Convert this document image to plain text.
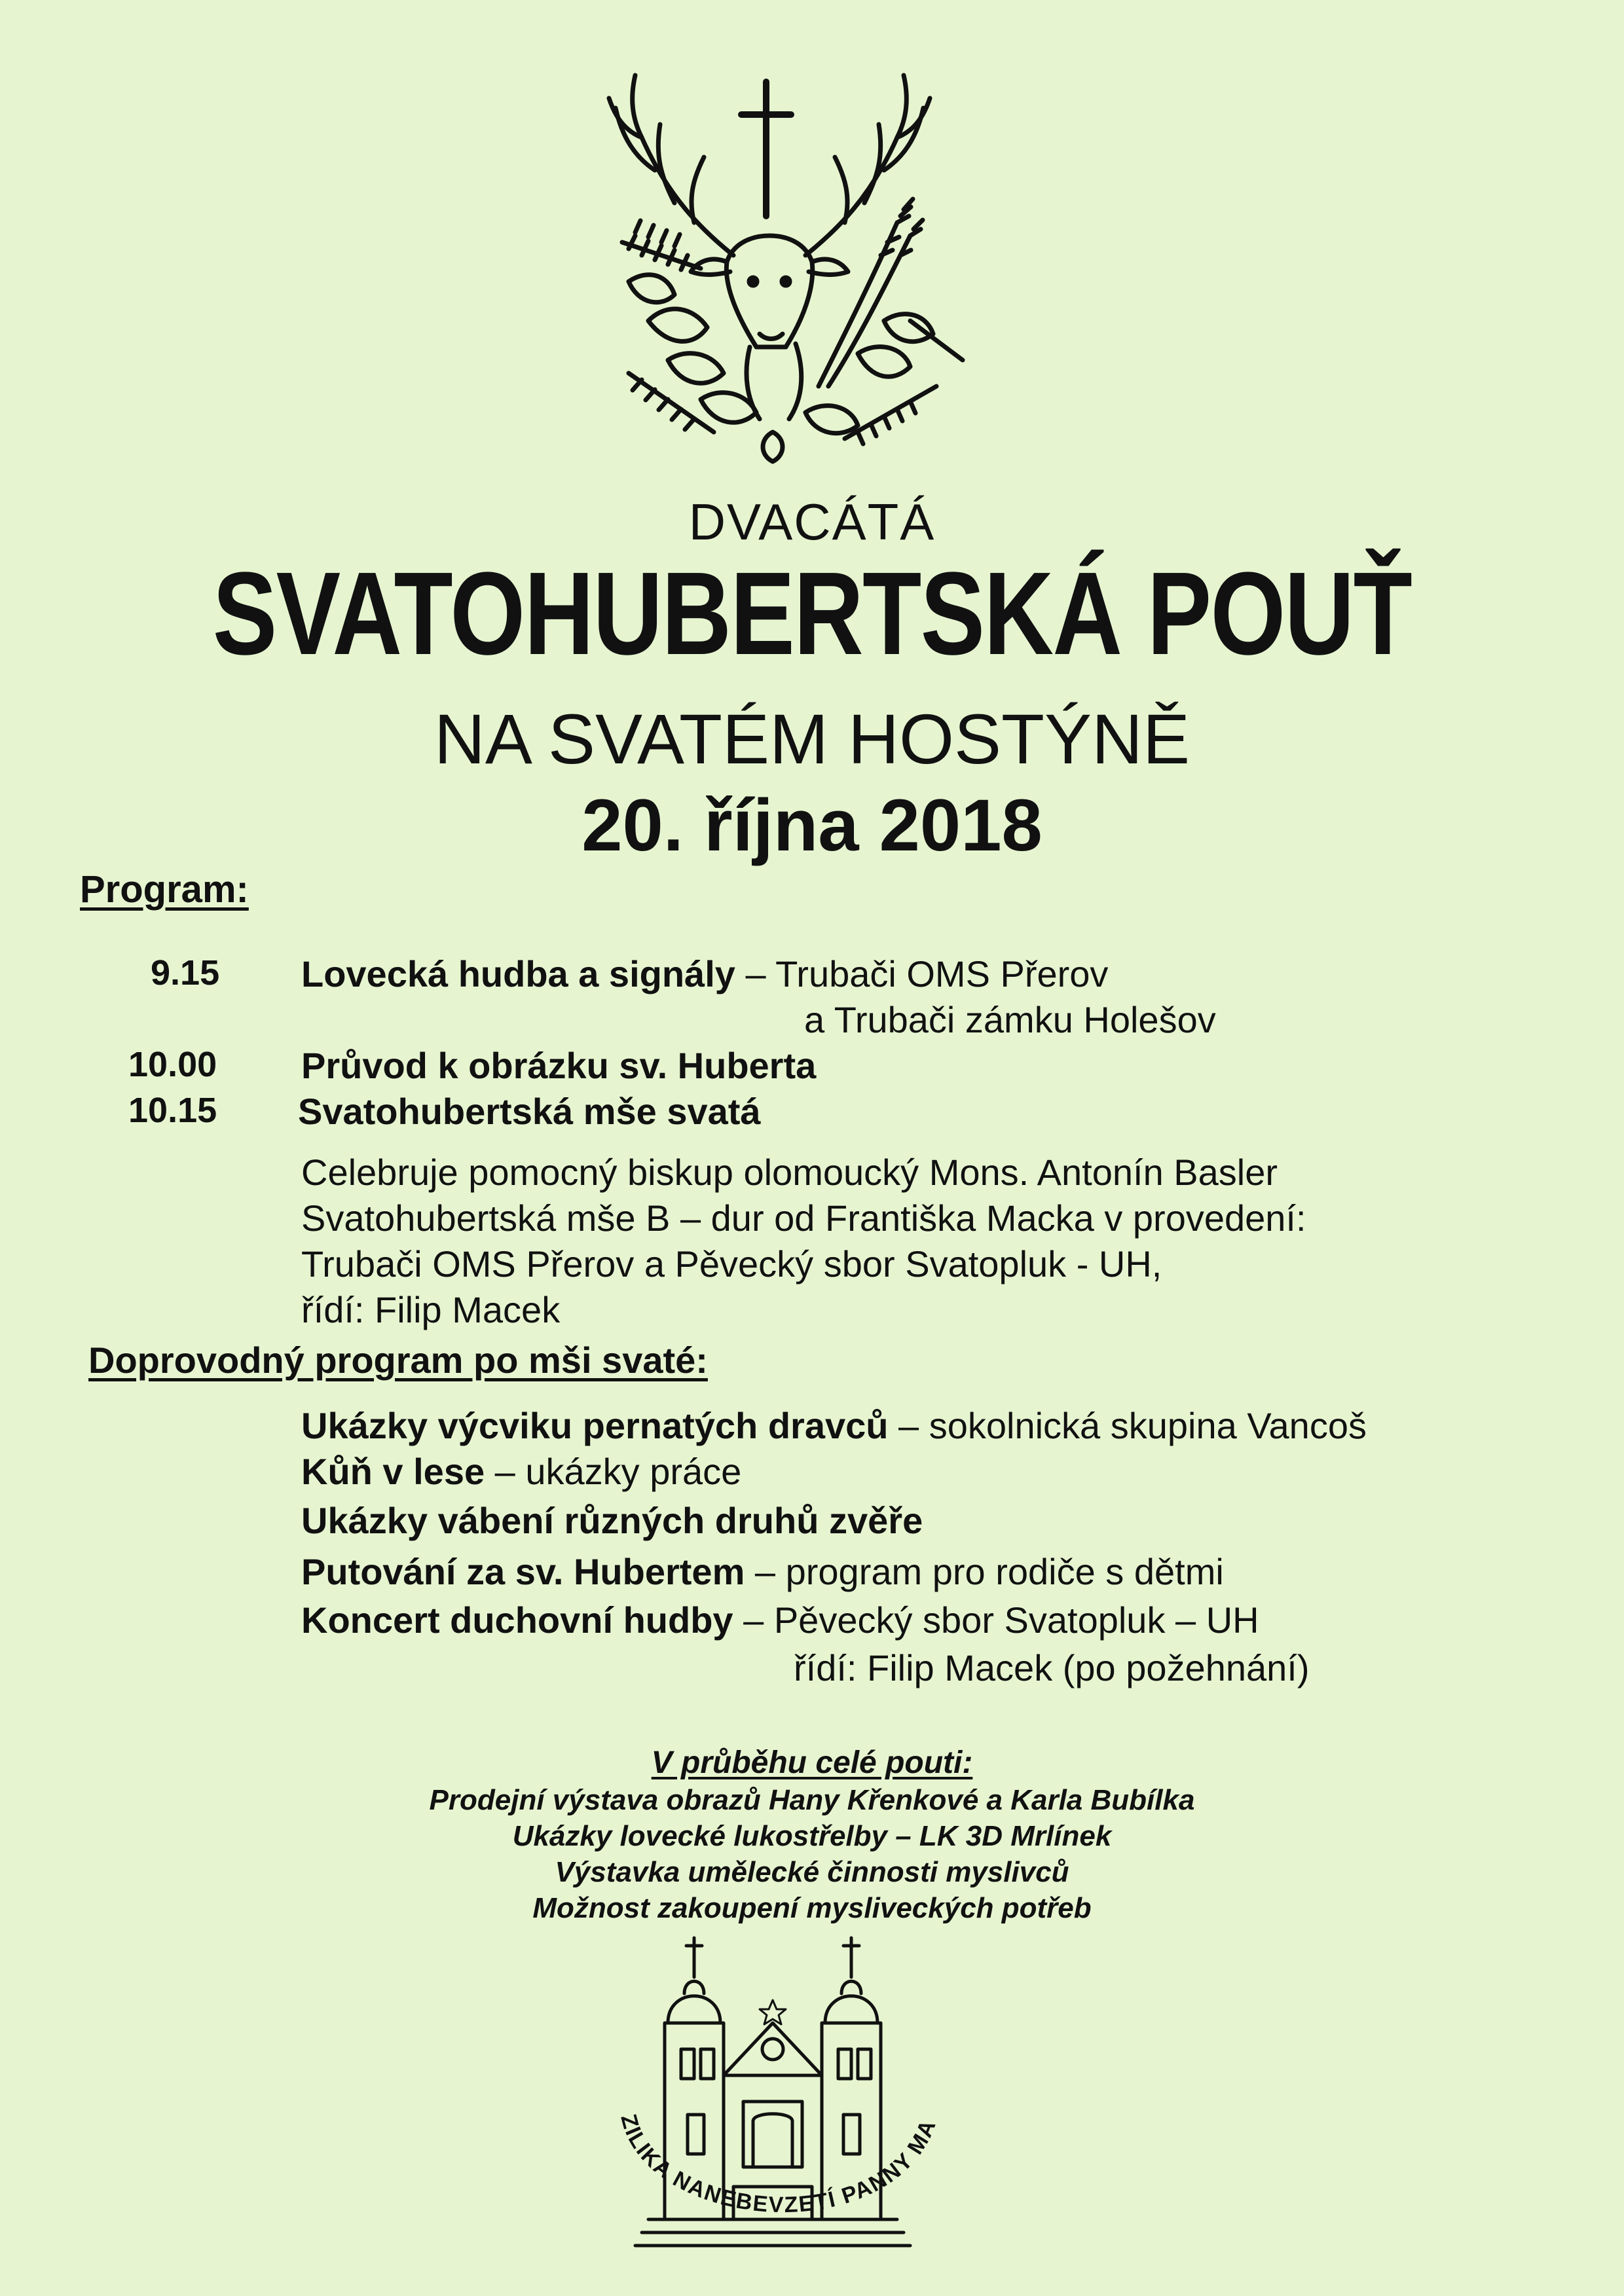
DVACÁTÁ
SVATOHUBERTSKÁ POUŤ
NA SVATÉM HOSTÝNĚ
20. října 2018
Program:
9.15 Lovecká hudba a signály – Trubači OMS Přerov
a Trubači zámku Holešov
10.00 Průvod k obrázku sv. Huberta
10.15 Svatohubertská mše svatá
Celebruje pomocný biskup olomoucký Mons. Antonín Basler
Svatohubertská mše B – dur od Františka Macka v provedení:
Trubači OMS Přerov a Pěvecký sbor Svatopluk - UH,
řídí: Filip Macek
Doprovodný program po mši svaté:
Ukázky výcviku pernatých dravců – sokolnická skupina Vancoš
Kůň v lese – ukázky práce
Ukázky vábení různých druhů zvěře
Putování za sv. Hubertem – program pro rodiče s dětmi
Koncert duchovní hudby – Pěvecký sbor Svatopluk – UH
řídí: Filip Macek (po požehnání)
V průběhu celé pouti:
Prodejní výstava obrazů Hany Křenkové a Karla Bubílka
Ukázky lovecké lukostřelby – LK 3D Mrlínek
Výstavka umělecké činnosti myslivců
Možnost zakoupení mysliveckých potřeb
ZILIKA NANEBEVZETÍ PANNY MA
